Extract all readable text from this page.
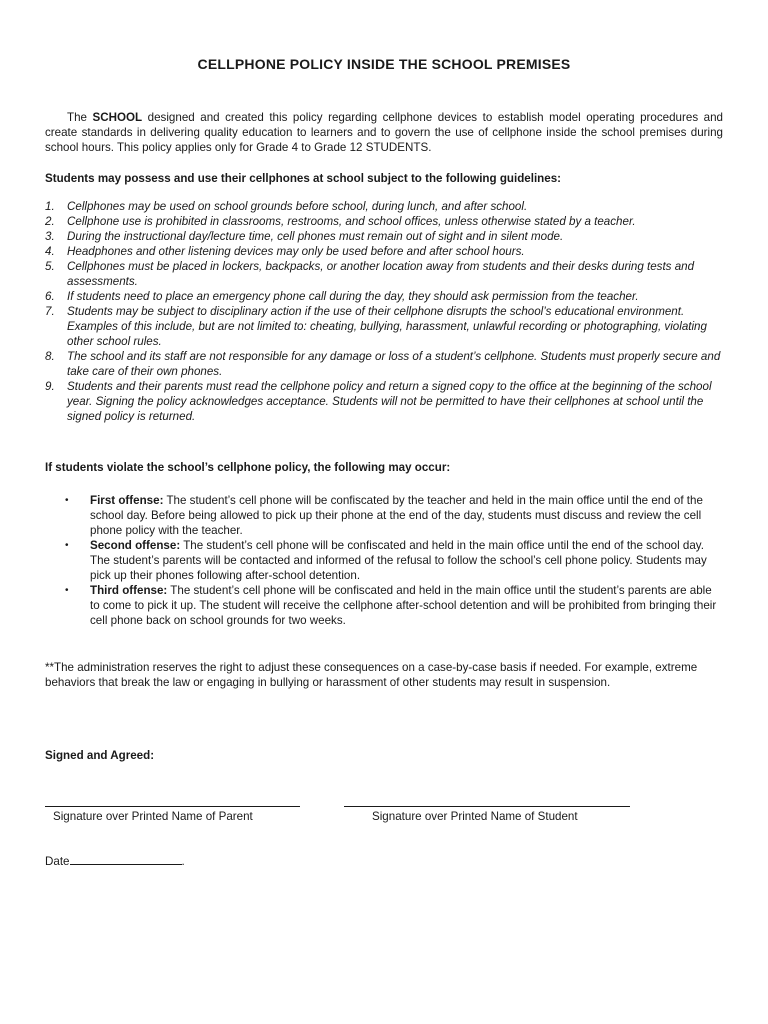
CELLPHONE POLICY INSIDE THE SCHOOL PREMISES
The SCHOOL designed and created this policy regarding cellphone devices to establish model operating procedures and create standards in delivering quality education to learners and to govern the use of cellphone inside the school premises during school hours. This policy applies only for Grade 4 to Grade 12 STUDENTS.
Students may possess and use their cellphones at school subject to the following guidelines:
1. Cellphones may be used on school grounds before school, during lunch, and after school.
2. Cellphone use is prohibited in classrooms, restrooms, and school offices, unless otherwise stated by a teacher.
3. During the instructional day/lecture time, cell phones must remain out of sight and in silent mode.
4. Headphones and other listening devices may only be used before and after school hours.
5. Cellphones must be placed in lockers, backpacks, or another location away from students and their desks during tests and assessments.
6. If students need to place an emergency phone call during the day, they should ask permission from the teacher.
7. Students may be subject to disciplinary action if the use of their cellphone disrupts the school’s educational environment. Examples of this include, but are not limited to: cheating, bullying, harassment, unlawful recording or photographing, violating other school rules.
8. The school and its staff are not responsible for any damage or loss of a student’s cellphone. Students must properly secure and take care of their own phones.
9. Students and their parents must read the cellphone policy and return a signed copy to the office at the beginning of the school year. Signing the policy acknowledges acceptance. Students will not be permitted to have their cellphones at school until the signed policy is returned.
If students violate the school’s cellphone policy, the following may occur:
• First offense: The student’s cell phone will be confiscated by the teacher and held in the main office until the end of the school day. Before being allowed to pick up their phone at the end of the day, students must discuss and review the cell phone policy with the teacher.
• Second offense: The student’s cell phone will be confiscated and held in the main office until the end of the school day. The student’s parents will be contacted and informed of the refusal to follow the school’s cell phone policy. Students may pick up their phones following after-school detention.
• Third offense: The student’s cell phone will be confiscated and held in the main office until the student’s parents are able to come to pick it up. The student will receive the cellphone after-school detention and will be prohibited from bringing their cell phone back on school grounds for two weeks.
**The administration reserves the right to adjust these consequences on a case-by-case basis if needed. For example, extreme behaviors that break the law or engaging in bullying or harassment of other students may result in suspension.
Signed and Agreed:
Signature over Printed Name of Parent	Signature over Printed Name of Student
Date	.
